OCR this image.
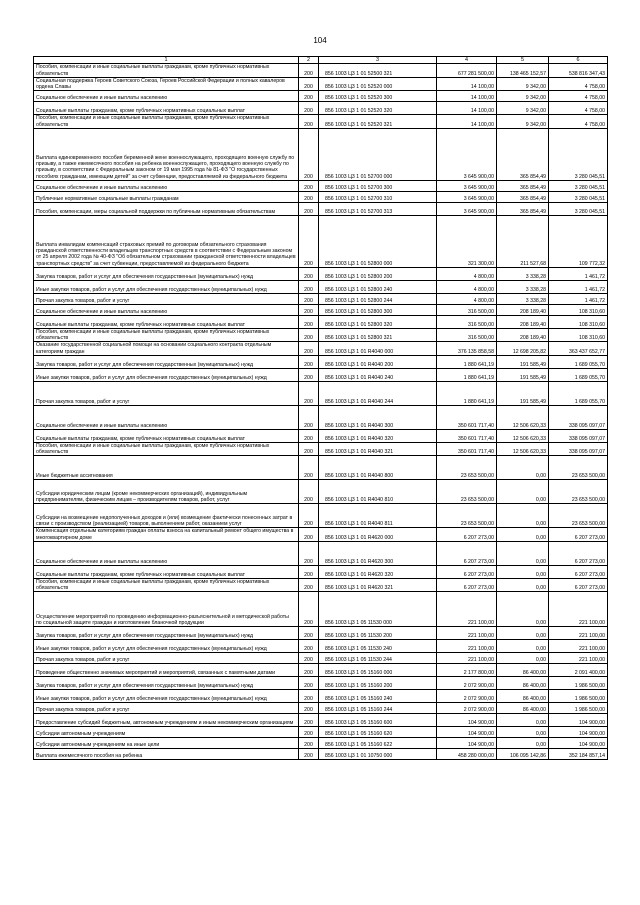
104
1	2	3	4	5	6
Пособия, компенсации и иные социальные выплаты гражданам, кроме публичных нормативных обязательств	200	856 1003 Ц3 1 01 52500 321	677 281 500,00	138 465 152,57	538 816 347,43
Социальная поддержка Героев Советского Союза, Героев Российской Федерации и полных кавалеров ордена Славы	200	856 1003 Ц3 1 01 52520 000	14 100,00	9 342,00	4 758,00
Социальное обеспечение и иные выплаты населению	200	856 1003 Ц3 1 01 52520 300	14 100,00	9 342,00	4 758,00
Социальные выплаты гражданам, кроме публичных нормативных социальных выплат	200	856 1003 Ц3 1 01 52520 320	14 100,00	9 342,00	4 758,00
Пособия, компенсации и иные социальные выплаты гражданам, кроме публичных нормативных обязательств	200	856 1003 Ц3 1 01 52520 321	14 100,00	9 342,00	4 758,00
Выплата единовременного пособия беременной жене военнослужащего, проходящего военную службу по призыву, а также ежемесячного пособия на ребенка военнослужащего, проходящего военную службу по призыву, в соответствии с Федеральным законом от 19 мая 1995 года № 81-ФЗ "О государственных пособиях гражданам, имеющим детей" за счет субвенции, предоставляемой из федерального бюджета	200	856 1003 Ц3 1 01 52700 000	3 645 900,00	365 854,49	3 280 045,51
Социальное обеспечение и иные выплаты населению	200	856 1003 Ц3 1 01 52700 300	3 645 900,00	365 854,49	3 280 045,51
Публичные нормативные социальные выплаты гражданам	200	856 1003 Ц3 1 01 52700 310	3 645 900,00	365 854,49	3 280 045,51
Пособия, компенсации, меры социальной поддержки по публичным нормативным обязательствам	200	856 1003 Ц3 1 01 52700 313	3 645 900,00	365 854,49	3 280 045,51
Выплата инвалидам компенсаций страховых премий по договорам обязательного страхования гражданской ответственности владельцев транспортных средств в соответствии с Федеральным законом от 25 апреля 2002 года № 40-ФЗ "Об обязательном страховании гражданской ответственности владельцев транспортных средств" за счет субвенции, предоставляемой из федерального бюджета	200	856 1003 Ц3 1 01 52800 000	321 300,00	211 527,68	109 772,32
Закупка товаров, работ и услуг для обеспечения государственных (муниципальных) нужд	200	856 1003 Ц3 1 01 52800 200	4 800,00	3 338,28	1 461,72
Иные закупки товаров, работ и услуг для обеспечения государственных (муниципальных) нужд	200	856 1003 Ц3 1 01 52800 240	4 800,00	3 338,28	1 461,72
Прочая закупка товаров, работ и услуг	200	856 1003 Ц3 1 01 52800 244	4 800,00	3 338,28	1 461,72
Социальное обеспечение и иные выплаты населению	200	856 1003 Ц3 1 01 52800 300	316 500,00	208 189,40	108 310,60
Социальные выплаты гражданам, кроме публичных нормативных социальных выплат	200	856 1003 Ц3 1 01 52800 320	316 500,00	208 189,40	108 310,60
Пособия, компенсации и иные социальные выплаты гражданам, кроме публичных нормативных обязательств	200	856 1003 Ц3 1 01 52800 321	316 500,00	208 189,40	108 310,60
Оказание государственной социальной помощи на основании социального контракта отдельным категориям граждан	200	856 1003 Ц3 1 01 R4040 000	376 135 858,58	12 698 205,82	363 437 652,77
Закупка товаров, работ и услуг для обеспечения государственных (муниципальных) нужд	200	856 1003 Ц3 1 01 R4040 200	1 880 641,19	191 585,49	1 689 055,70
Иные закупки товаров, работ и услуг для обеспечения государственных (муниципальных) нужд	200	856 1003 Ц3 1 01 R4040 240	1 880 641,19	191 585,49	1 689 055,70
Прочая закупка товаров, работ и услуг	200	856 1003 Ц3 1 01 R4040 244	1 880 641,19	191 585,49	1 689 055,70
Социальное обеспечение и иные выплаты населению	200	856 1003 Ц3 1 01 R4040 300	350 601 717,40	12 506 620,33	338 095 097,07
Социальные выплаты гражданам, кроме публичных нормативных социальных выплат	200	856 1003 Ц3 1 01 R4040 320	350 601 717,40	12 506 620,33	338 095 097,07
Пособия, компенсации и иные социальные выплаты гражданам, кроме публичных нормативных обязательств	200	856 1003 Ц3 1 01 R4040 321	350 601 717,40	12 506 620,33	338 095 097,07
Иные бюджетные ассигнования	200	856 1003 Ц3 1 01 R4040 800	23 653 500,00	0,00	23 653 500,00
Субсидии юридическим лицам (кроме некоммерческих организаций), индивидуальным предпринимателям, физическим лицам – производителям товаров, работ, услуг	200	856 1003 Ц3 1 01 R4040 810	23 653 500,00	0,00	23 653 500,00
Субсидии на возмещение недополученных доходов и (или) возмещение фактически понесенных затрат в связи с производством (реализацией) товаров, выполнением работ, оказанием услуг	200	856 1003 Ц3 1 01 R4040 811	23 653 500,00	0,00	23 653 500,00
Компенсация отдельным категориям граждан оплаты взноса на капитальный ремонт общего имущества в многоквартирном доме	200	856 1003 Ц3 1 01 R4620 000	6 207 273,00	0,00	6 207 273,00
Социальное обеспечение и иные выплаты населению	200	856 1003 Ц3 1 01 R4620 300	6 207 273,00	0,00	6 207 273,00
Социальные выплаты гражданам, кроме публичных нормативных социальных выплат	200	856 1003 Ц3 1 01 R4620 320	6 207 273,00	0,00	6 207 273,00
Пособия, компенсации и иные социальные выплаты гражданам, кроме публичных нормативных обязательств	200	856 1003 Ц3 1 01 R4620 321	6 207 273,00	0,00	6 207 273,00
Осуществление мероприятий по проведению информационно-разъяснительной и методической работы по социальной защите граждан и изготовление бланочной продукции	200	856 1003 Ц3 1 05 11530 000	221 100,00	0,00	221 100,00
Закупка товаров, работ и услуг для обеспечения государственных (муниципальных) нужд	200	856 1003 Ц3 1 05 11530 200	221 100,00	0,00	221 100,00
Иные закупки товаров, работ и услуг для обеспечения государственных (муниципальных) нужд	200	856 1003 Ц3 1 05 11530 240	221 100,00	0,00	221 100,00
Прочая закупка товаров, работ и услуг	200	856 1003 Ц3 1 05 11530 244	221 100,00	0,00	221 100,00
Проведение общественно значимых мероприятий и мероприятий, связанных с памятными датами	200	856 1003 Ц3 1 05 15160 000	2 177 800,00	86 400,00	2 091 400,00
Закупка товаров, работ и услуг для обеспечения государственных (муниципальных) нужд	200	856 1003 Ц3 1 05 15160 200	2 072 900,00	86 400,00	1 986 500,00
Иные закупки товаров, работ и услуг для обеспечения государственных (муниципальных) нужд	200	856 1003 Ц3 1 05 15160 240	2 072 900,00	86 400,00	1 986 500,00
Прочая закупка товаров, работ и услуг	200	856 1003 Ц3 1 05 15160 244	2 072 900,00	86 400,00	1 986 500,00
Предоставление субсидий бюджетным, автономным учреждениям и иным некоммерческим организациям	200	856 1003 Ц3 1 05 15160 600	104 900,00	0,00	104 900,00
Субсидии автономным учреждениям	200	856 1003 Ц3 1 05 15160 620	104 900,00	0,00	104 900,00
Субсидии автономным учреждениям на иные цели	200	856 1003 Ц3 1 05 15160 622	104 900,00	0,00	104 900,00
Выплата ежемесячного пособия на ребенка	200	856 1003 Ц3 1 01 10750 000	458 280 000,00	106 095 142,86	352 184 857,14
